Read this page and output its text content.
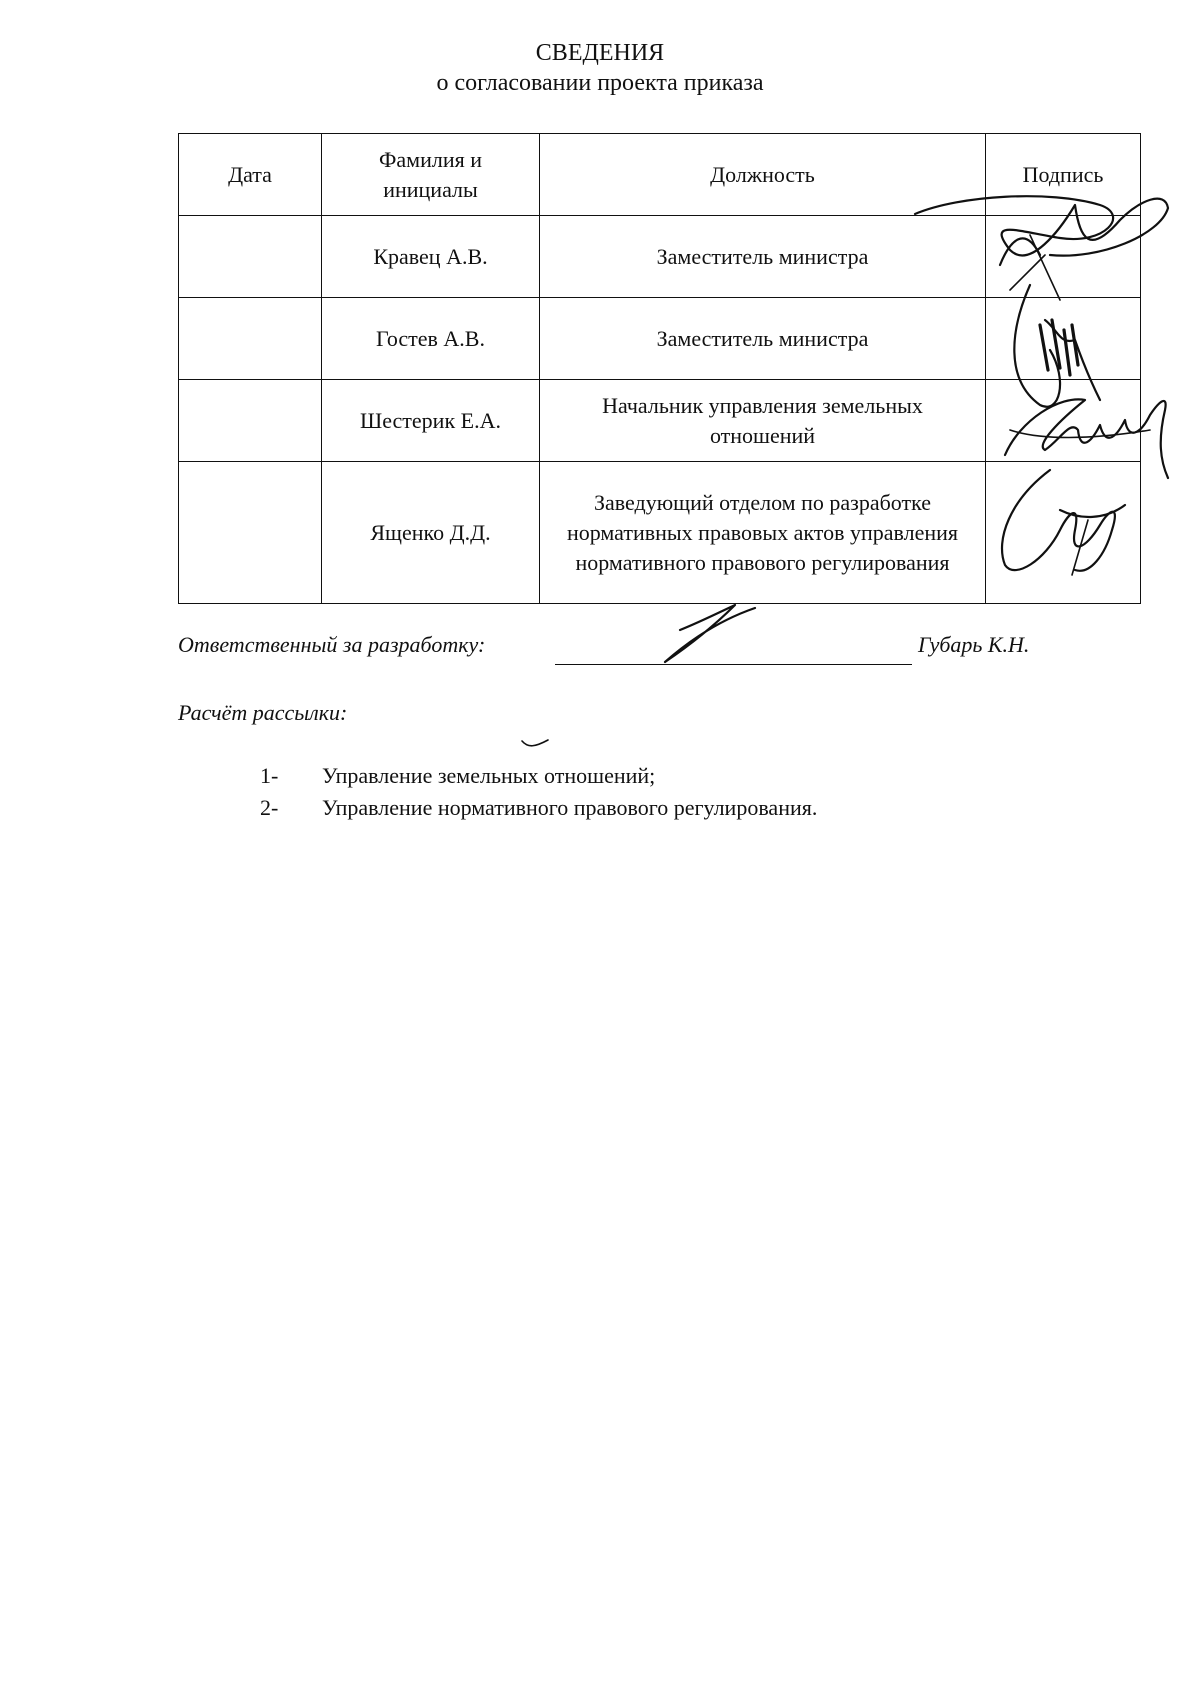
СВЕДЕНИЯ
о согласовании проекта приказа
Дата	Фамилия и инициалы	Должность	Подпись
	Кравец А.В.	Заместитель министра	
	Гостев А.В.	Заместитель министра	
	Шестерик Е.А.	Начальник управления земельных отношений	
	Ященко Д.Д.	Заведующий отделом по разработке нормативных правовых актов управления нормативного правового регулирования	
Ответственный за разработку:	Губарь К.Н.
Расчёт рассылки:
1-	Управление земельных отношений;
2-	Управление нормативного правового регулирования.
